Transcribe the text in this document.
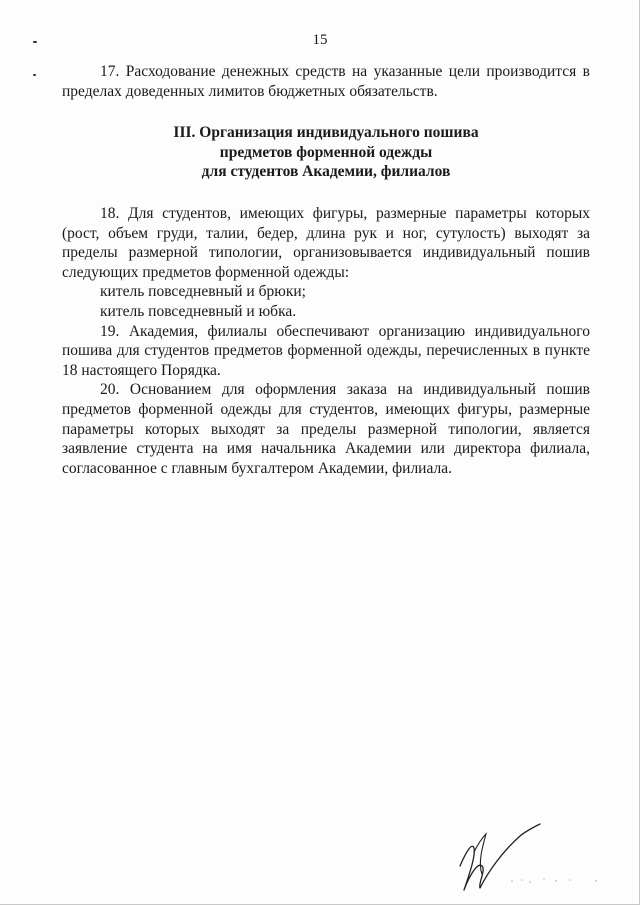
15

17. Расходование денежных средств на указанные цели производится в пределах доведенных лимитов бюджетных обязательств.

III. Организация индивидуального пошива

предметов форменной одежды

для студентов Академии, филиалов

18. Для студентов, имеющих фигуры, размерные параметры которых (рост, объем груди, талии, бедер, длина рук и ног, сутулость) выходят за пределы размерной типологии, организовывается индивидуальный пошив следующих предметов форменной одежды:

китель повседневный и брюки;

китель повседневный и юбка.

19. Академия, филиалы обеспечивают организацию индивидуального пошива для студентов предметов форменной одежды, перечисленных в пункте 18 настоящего Порядка.

20. Основанием для оформления заказа на индивидуальный пошив предметов форменной одежды для студентов, имеющих фигуры, размерные параметры которых выходят за пределы размерной типологии, является заявление студента на имя начальника Академии или директора филиала, согласованное с главным бухгалтером Академии, филиала.
